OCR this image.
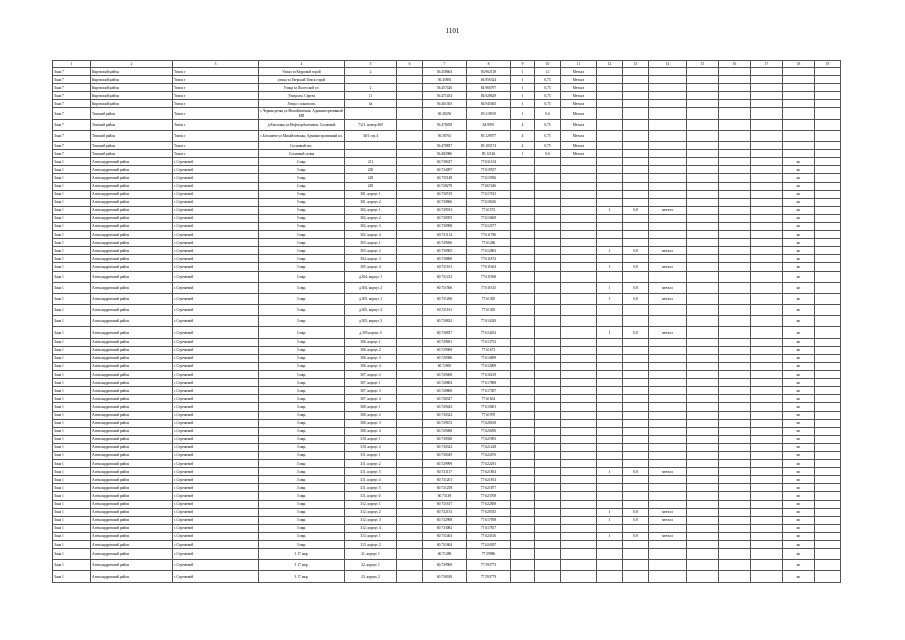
1101
1	2	3	4	5	6	7	8	9	10	11	12	13	14	15	16	17	18	19
Зона 7	Кировский район	Томск г	Улица за Кедровой горой	2		56.458663	84.962118	1	1,1	Металл								
Зона 7	Кировский район	Томск г	улица за Тверской Томск горой			56.45893	84.956324	1	0,75	Металл								
Зона 7	Кировский район	Томск г	Улица за Полесской ул.	2		56.457426	84.966797	1	0,75	Металл								
Зона 7	Кировский район	Томск г	Улица им. Сергея	11		56.471454	84.928629	1	0,75	Металл								
Зона 7	Кировский район	Томск г	Улица с паном им.	4а		56.461303	84.945465	1	0,75	Металл								
Зона 7	Томский район	Томск г	с.Черная речка ул.Михайловская, Административный МП			56.38256	85.110919	1	0,6	Металл								
Зона 7	Томский район	Томск г	д.Кисловка ул.Нефтедобытчиков, Сосновый	7/2/1, номер 460		56.478458	84.9991	4	0,75	Металл								
Зона 7	Томский район	Томск г	с.Богашево ул.Михайловская, Административный пл.	38/1 стр.4		56.58761	85.129077	4	0,75	Металл								
Зона 7	Томский район	Томск г	Сосновый пос.			56.478837	85.105174	4	0,75	Металл								
Зона 7	Томский район	Томск г	Сосновый тупик			56.482986	85.12146	1	0,6	Металл								
Зона 1	Александровский район	с.Стрежевой	2 мкр.	211		60.738437	77.631134										кп	
Зона 1	Александровский район	с.Стрежевой	3 мкр.	230		60.734097	77.619537										кп	
Зона 1	Александровский район	с.Стрежевой	3 мкр.	228		60.735148	77.613956										кп	
Зона 1	Александровский район	с.Стрежевой	2 мкр.	249		60.728278	77.667246										кп	
Зона 1	Александровский район	с.Стрежевой	3 мкр.	301, корпус 1		60.730519	77.617813										кп	
Зона 1	Александровский район	с.Стрежевой	3 мкр.	301, корпус 2		60.730866	77.618236										кп	
Зона 1	Александровский район	с.Стрежевой	3 мкр.	302, корпус 1		60.729913	77.61572				1	0,8	металл				кп	
Зона 1	Александровский район	с.Стрежевой	3 мкр.	302, корпус 2		60.730055	77.613669										кп	
Зона 1	Александровский район	с.Стрежевой	3 мкр.	302, корпус 3		60.730908	77.612577										кп	
Зона 1	Александровский район	с.Стрежевой	3 мкр.	302, корпус 4		60.731114	77.611786										кп	
Зона 1	Александровский район	с.Стрежевой	3 мкр.	303, корпус 1		60.729496	77.61286										кп	
Зона 1	Александровский район	с.Стрежевой	3 мкр.	303, корпус 2		60.730905	77.612863				1	0,8	металл				кп	
Зона 1	Александровский район	с.Стрежевой	3 мкр.	304, корпус 3		60.730868	77.611874										кп	
Зона 1	Александровский район	с.Стрежевой	3 мкр.	305, корпус 4		60.731101	77.611664				1	0,8	металл				кп	
Зона 1	Александровский район	с.Стрежевой	3 мкр.	д.304, корпус 1		60.731412	77.611968										кп	
Зона 1	Александровский район	с.Стрежевой	3 мкр.	д.304, корпус 2		60.731506	77.611615				1	0,8	металл				кп	
Зона 1	Александровский район	с.Стрежевой	3 мкр.	д.305, корпус 1		60.731206	77.61305				1	0,8	металл				кп	
Зона 1	Александровский район	с.Стрежевой	3 мкр.	д.305, корпус 2		60.731161	77.61305										кп	
Зона 1	Александровский район	с.Стрежевой	3 мкр.	д.305, корпус 3		60.730824	77.614329										кп	
Зона 1	Александровский район	с.Стрежевой	3 мкр.	д.305 корпус 4		60.730837	77.614452				1	0,8	металл				кп	
Зона 1	Александровский район	с.Стрежевой	3 мкр.	306, корпус 1		60.729691	77.613752										кп	
Зона 1	Александровский район	с.Стрежевой	3 мкр.	306, корпус 2		60.729969	77.61673										кп	
Зона 1	Александровский район	с.Стрежевой	3 мкр.	306, корпус 3		60.729386	77.614699										кп	
Зона 1	Александровский район	с.Стрежевой	3 мкр.	306, корпус 4		60.72965	77.612909										кп	
Зона 1	Александровский район	с.Стрежевой	3 мкр.	307, корпус 2		60.729408	77.618219										кп	
Зона 1	Александровский район	с.Стрежевой	3 мкр.	307, корпус 1		60.728804	77.617808										кп	
Зона 1	Александровский район	с.Стрежевой	3 мкр.	307, корпус 3		60.728806	77.617587										кп	
Зона 1	Александровский район	с.Стрежевой	3 мкр.	307, корпус 4		60.728327	77.61634										кп	
Зона 1	Александровский район	с.Стрежевой	3 мкр.	308, корпус 1		60.729443	77.619401										кп	
Зона 1	Александровский район	с.Стрежевой	3 мкр.	308, корпус 2		60.730324	77.61978										кп	
Зона 1	Александровский район	с.Стрежевой	3 мкр.	308, корпус 3		60.729672	77.620618										кп	
Зона 1	Александровский район	с.Стрежевой	3 мкр.	308, корпус 4		60.729488	77.620296										кп	
Зона 1	Александровский район	с.Стрежевой	3 мкр.	310, корпус 1		60.730928	77.621893										кп	
Зона 1	Александровский район	с.Стрежевой	3 мкр.	310, корпус 2		60.730324	77.621228										кп	
Зона 1	Александровский район	с.Стрежевой	3 мкр.	311, корпус 1		60.730029	77.622676										кп	
Зона 1	Александровский район	с.Стрежевой	3 мкр.	311, корпус 2		60.729999	77.622291										кп	
Зона 1	Александровский район	с.Стрежевой	3 мкр.	311, корпус 3		60.731117	77.621854				1	0,8	металл				кп	
Зона 1	Александровский район	с.Стрежевой	3 мкр.	311, корпус 4		60.731201	77.621814										кп	
Зона 1	Александровский район	с.Стрежевой	3 мкр.	311, корпус 5		60.731258	77.621877										кп	
Зона 1	Александровский район	с.Стрежевой	3 мкр.	311, корпус 6		60.73149	77.623708										кп	
Зона 1	Александровский район	с.Стрежевой	3 мкр.	312, корпус 1		60.731617	77.622858										кп	
Зона 1	Александровский район	с.Стрежевой	3 мкр.	312, корпус 2		60.732153	77.620535				1	0,8	металл				кп	
Зона 1	Александровский район	с.Стрежевой	3 мкр.	312, корпус 3		60.732908	77.617958				1	0,8	металл				кп	
Зона 1	Александровский район	с.Стрежевой	3 мкр.	312, корпус 4		60.733082	77.617817										кп	
Зона 1	Александровский район	с.Стрежевой	3 мкр.	313, корпус 1		60.731463	77.624516				1	0,8	металл				кп	
Зона 1	Александровский район	с.Стрежевой	3 мкр.	313, корпус 2		60.731864	77.624397										кп	
Зона 1	Александровский район	с.Стрежевой	3 17 мкр.	21, корпус 1		60.71288	77.59986										кп	
Зона 1	Александровский район	с.Стрежевой	3 17 мкр.	22, корпус 1		60.729900	77.593773										кп	
Зона 1	Александровский район	с.Стрежевой	3 17 мкр.	23, корпус 2		60.730018	77.593779										кп	
